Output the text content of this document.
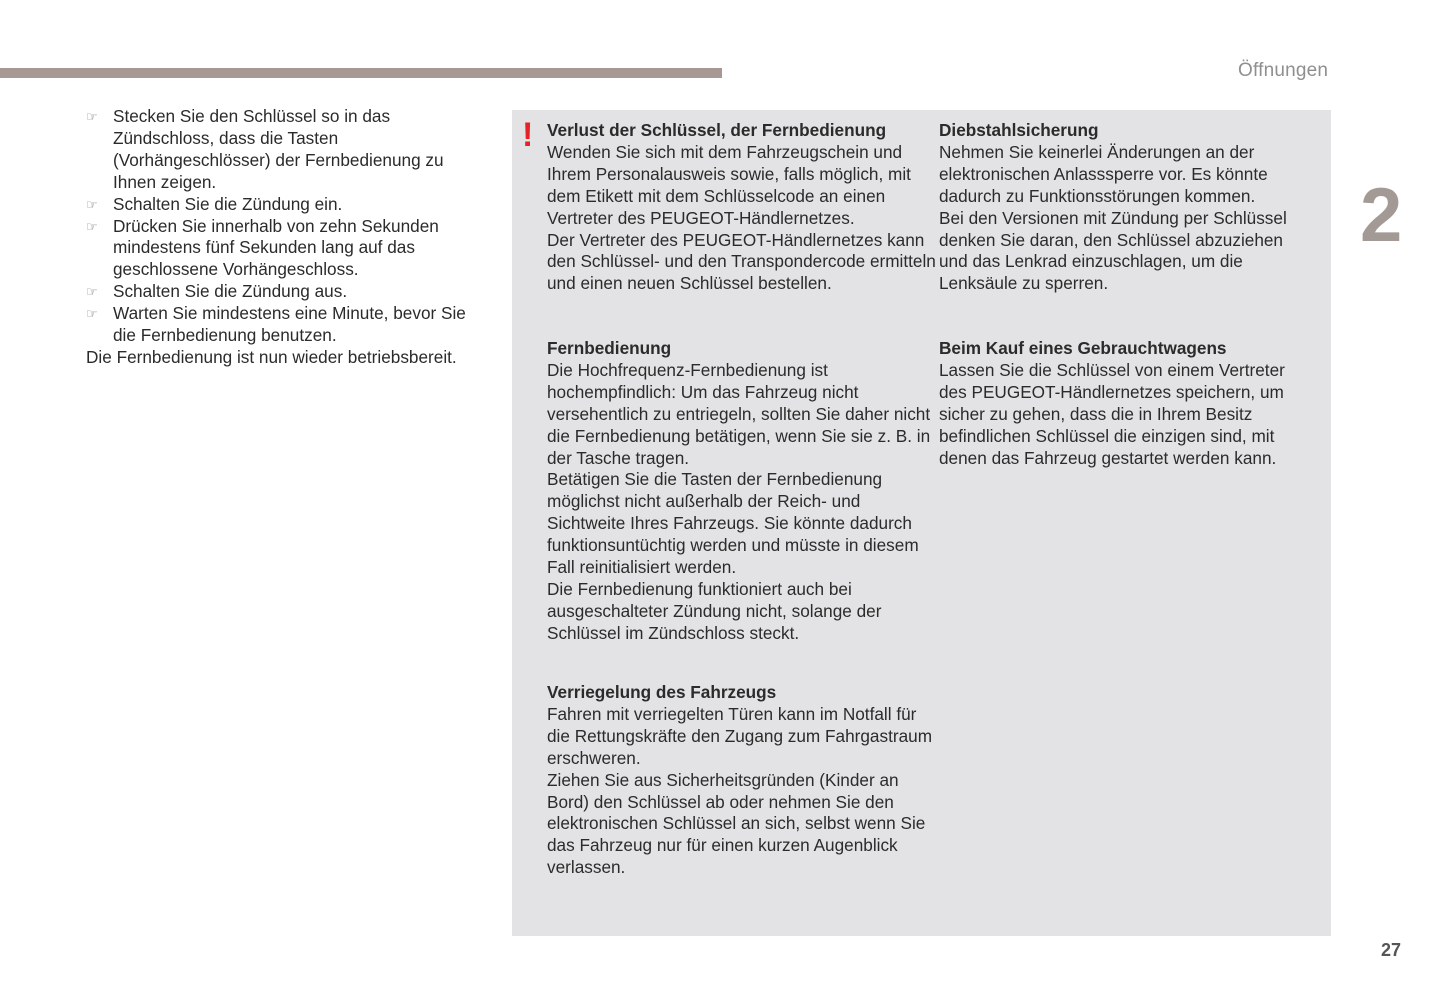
Öffnungen
2
☞ Stecken Sie den Schlüssel so in das Zündschloss, dass die Tasten (Vorhängeschlösser) der Fernbedienung zu Ihnen zeigen.
☞ Schalten Sie die Zündung ein.
☞ Drücken Sie innerhalb von zehn Sekunden mindestens fünf Sekunden lang auf das geschlossene Vorhängeschloss.
☞ Schalten Sie die Zündung aus.
☞ Warten Sie mindestens eine Minute, bevor Sie die Fernbedienung benutzen.

Die Fernbedienung ist nun wieder betriebsbereit.

! Verlust der Schlüssel, der Fernbedienung

Wenden Sie sich mit dem Fahrzeugschein und Ihrem Personalausweis sowie, falls möglich, mit dem Etikett mit dem Schlüsselcode an einen Vertreter des PEUGEOT-Händlernetzes.

Der Vertreter des PEUGEOT-Händlernetzes kann den Schlüssel- und den Transpondercode ermitteln und einen neuen Schlüssel bestellen.

Fernbedienung

Die Hochfrequenz-Fernbedienung ist hochempfindlich: Um das Fahrzeug nicht versehentlich zu entriegeln, sollten Sie daher nicht die Fernbedienung betätigen, wenn Sie sie z. B. in der Tasche tragen.

Betätigen Sie die Tasten der Fernbedienung möglichst nicht außerhalb der Reich- und Sichtweite Ihres Fahrzeugs. Sie könnte dadurch funktionsuntüchtig werden und müsste in diesem Fall reinitialisiert werden.

Die Fernbedienung funktioniert auch bei ausgeschalteter Zündung nicht, solange der Schlüssel im Zündschloss steckt.

Verriegelung des Fahrzeugs

Fahren mit verriegelten Türen kann im Notfall für die Rettungskräfte den Zugang zum Fahrgastraum erschweren.

Ziehen Sie aus Sicherheitsgründen (Kinder an Bord) den Schlüssel ab oder nehmen Sie den elektronischen Schlüssel an sich, selbst wenn Sie das Fahrzeug nur für einen kurzen Augenblick verlassen.

Diebstahlsicherung

Nehmen Sie keinerlei Änderungen an der elektronischen Anlasssperre vor. Es könnte dadurch zu Funktionsstörungen kommen.

Bei den Versionen mit Zündung per Schlüssel denken Sie daran, den Schlüssel abzuziehen und das Lenkrad einzuschlagen, um die Lenksäule zu sperren.

Beim Kauf eines Gebrauchtwagens

Lassen Sie die Schlüssel von einem Vertreter des PEUGEOT-Händlernetzes speichern, um sicher zu gehen, dass die in Ihrem Besitz befindlichen Schlüssel die einzigen sind, mit denen das Fahrzeug gestartet werden kann.

27
